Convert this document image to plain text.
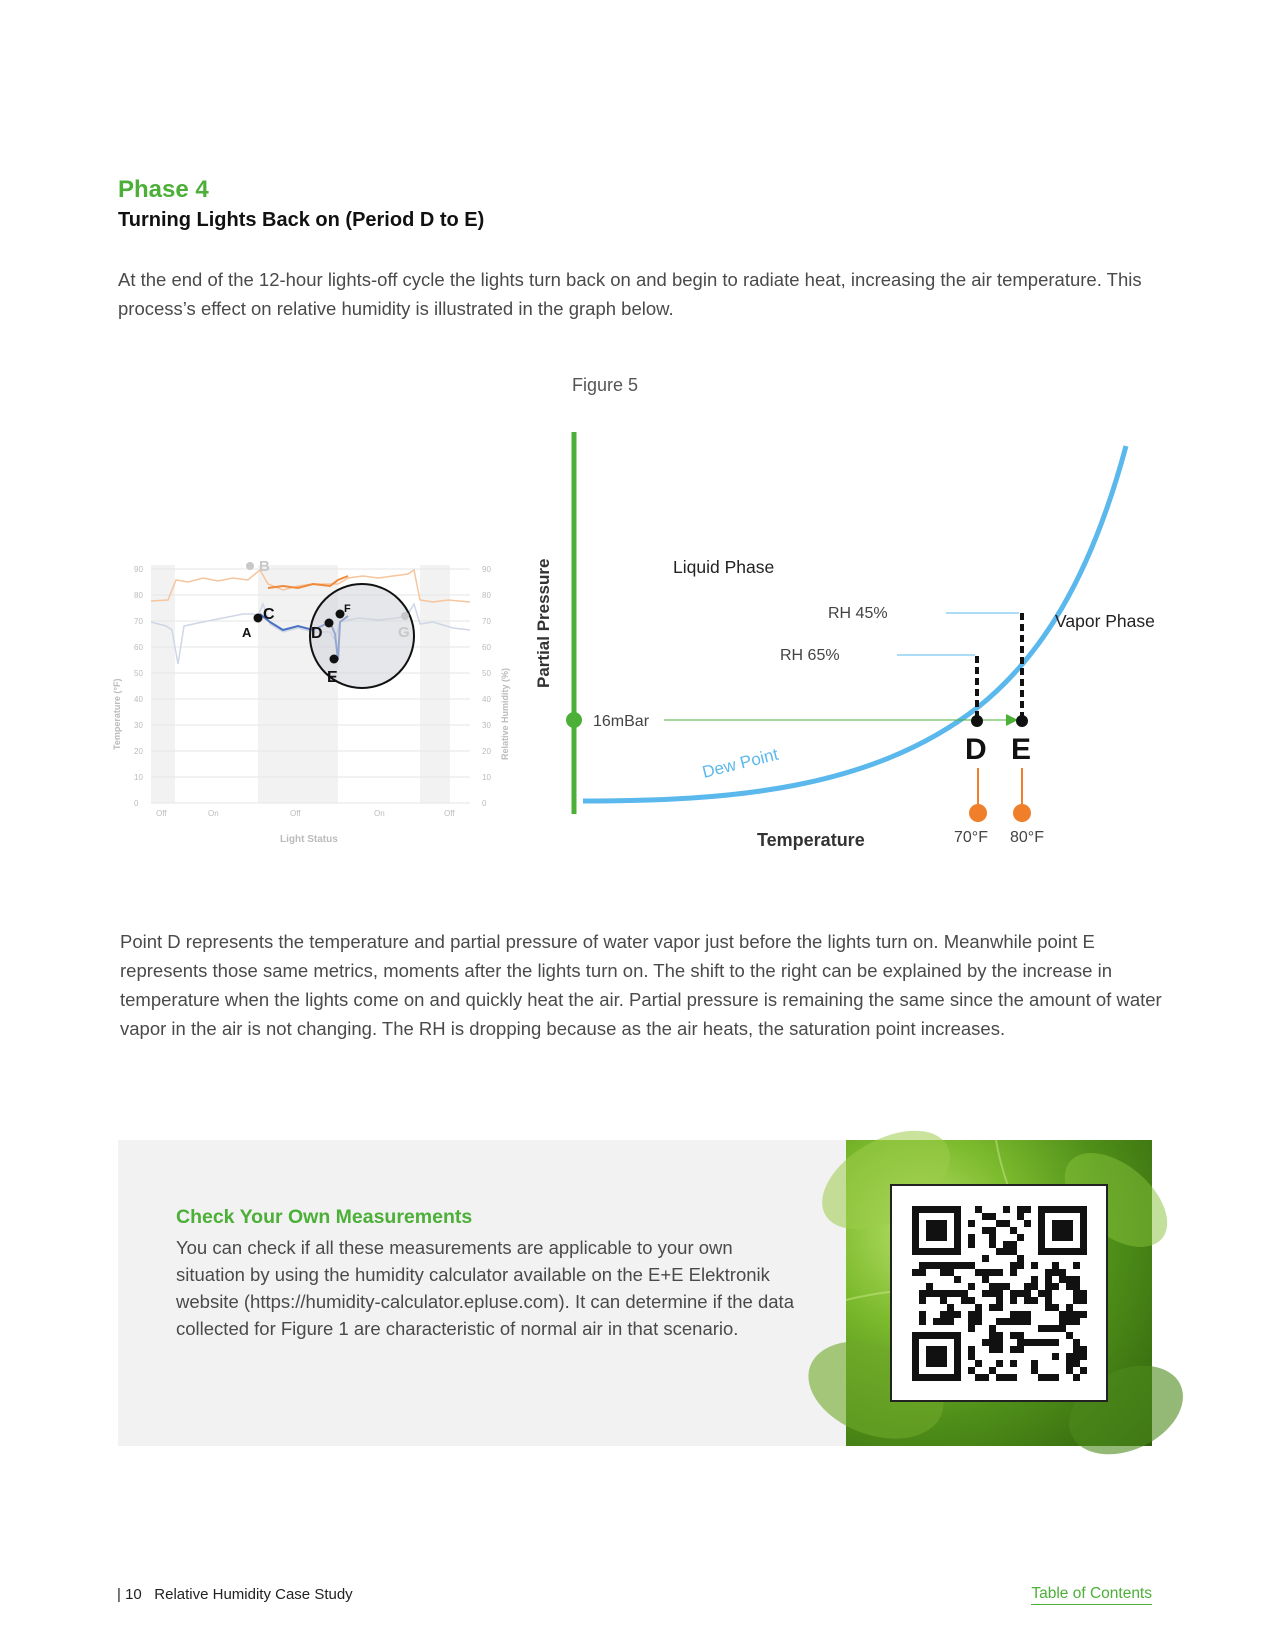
Phase 4
Turning Lights Back on (Period D to E)

At the end of the 12-hour lights-off cycle the lights turn back on and begin to radiate heat, increasing the air temperature. This process’s effect on relative humidity is illustrated in the graph below.

Figure 5
0
10
20
30
40
50
60
70
80
90
0
10
20
30
40
50
60
70
80
90
Off	On	Off	On	Off
Light Status
Temperature (°F)	Relative Humidity (%)
B
G
A
C
D
F
E	Partial Pressure
Temperature
Dew Point
Liquid Phase
Vapor Phase
16mBar
RH 45%
RH 65%
D E
70°F 80°F

Point D represents the temperature and partial pressure of water vapor just before the lights turn on. Meanwhile point E represents those same metrics, moments after the lights turn on. The shift to the right can be explained by the increase in temperature when the lights come on and quickly heat the air. Partial pressure is remaining the same since the amount of water vapor in the air is not changing. The RH is dropping because as the air heats, the saturation point increases.

Check Your Own Measurements

You can check if all these measurements are applicable to your own situation by using the humidity calculator available on the E+E Elektronik website (https://humidity-calculator.epluse.com). It can determine if the data collected for Figure 1 are characteristic of normal air in that scenario.

| 10 Relative Humidity Case Study	Table of Contents
